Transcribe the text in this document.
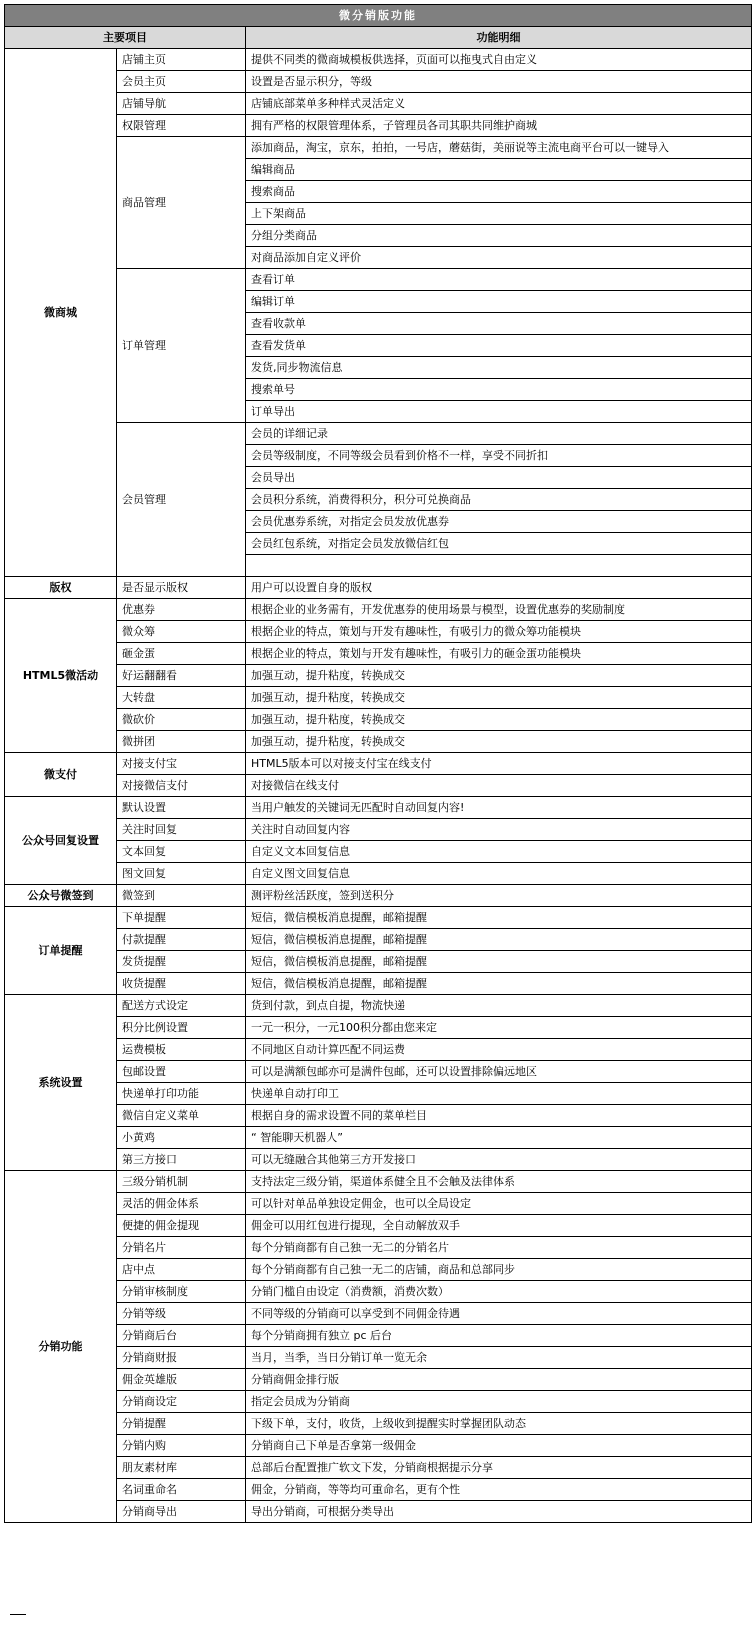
微分销版功能		
主要项目		功能明细
微商城	店铺主页	提供不同类的微商城模板供选择，页面可以拖曳式自由定义
	会员主页	设置是否显示积分，等级
	店铺导航	店铺底部菜单多种样式灵活定义
	权限管理	拥有严格的权限管理体系，子管理员各司其职共同维护商城
	商品管理	添加商品，淘宝，京东，拍拍，一号店，蘑菇街，美丽说等主流电商平台可以一键导入
		编辑商品
		搜索商品
		上下架商品
		分组分类商品
		对商品添加自定义评价
	订单管理	查看订单
		编辑订单
		查看收款单
		查看发货单
		发货,同步物流信息
		搜索单号
		订单导出
	会员管理	会员的详细记录
		会员等级制度，不同等级会员看到价格不一样，享受不同折扣
		会员导出
		会员积分系统，消费得积分，积分可兑换商品
		会员优惠券系统，对指定会员发放优惠券
		会员红包系统，对指定会员发放微信红包

版权	是否显示版权	用户可以设置自身的版权
HTML5微活动	优惠券	根据企业的业务需有，开发优惠券的使用场景与模型，设置优惠券的奖励制度
	微众筹	根据企业的特点，策划与开发有趣味性，有吸引力的微众筹功能模块
	砸金蛋	根据企业的特点，策划与开发有趣味性，有吸引力的砸金蛋功能模块
	好运翻翻看	加强互动，提升粘度，转换成交
	大转盘	加强互动，提升粘度，转换成交
	微砍价	加强互动，提升粘度，转换成交
	微拼团	加强互动，提升粘度，转换成交
微支付	对接支付宝	HTML5版本可以对接支付宝在线支付
	对接微信支付	对接微信在线支付
公众号回复设置	默认设置	当用户触发的关键词无匹配时自动回复内容!
	关注时回复	关注时自动回复内容
	文本回复	自定义文本回复信息
	图文回复	自定义图文回复信息
公众号微签到	微签到	测评粉丝活跃度，签到送积分
订单提醒	下单提醒	短信，微信模板消息提醒，邮箱提醒
	付款提醒	短信，微信模板消息提醒，邮箱提醒
	发货提醒	短信，微信模板消息提醒，邮箱提醒
	收货提醒	短信，微信模板消息提醒，邮箱提醒
系统设置	配送方式设定	货到付款，到点自提，物流快递
	积分比例设置	一元一积分，一元100积分都由您来定
	运费模板	不同地区自动计算匹配不同运费
	包邮设置	可以是满额包邮亦可是满件包邮，还可以设置排除偏远地区
	快递单打印功能	快递单自动打印工
	微信自定义菜单	根据自身的需求设置不同的菜单栏目
	小黄鸡	“ 智能聊天机器人”
	第三方接口	可以无缝融合其他第三方开发接口
分销功能	三级分销机制	支持法定三级分销，渠道体系健全且不会触及法律体系
	灵活的佣金体系	可以针对单品单独设定佣金，也可以全局设定
	便捷的佣金提现	佣金可以用红包进行提现，全自动解放双手
	分销名片	每个分销商都有自己独一无二的分销名片
	店中点	每个分销商都有自己独一无二的店铺，商品和总部同步
	分销审核制度	分销门槛自由设定（消费额，消费次数）
	分销等级	不同等级的分销商可以享受到不同佣金待遇
	分销商后台	每个分销商拥有独立 pc 后台
	分销商财报	当月，当季，当日分销订单一览无余
	佣金英雄版	分销商佣金排行版
	分销商设定	指定会员成为分销商
	分销提醒	下级下单，支付，收货，上级收到提醒实时掌握团队动态
	分销内购	分销商自己下单是否拿第一级佣金
	朋友素材库	总部后台配置推广软文下发，分销商根据提示分享
	名词重命名	佣金，分销商，等等均可重命名，更有个性
	分销商导出	导出分销商，可根据分类导出
